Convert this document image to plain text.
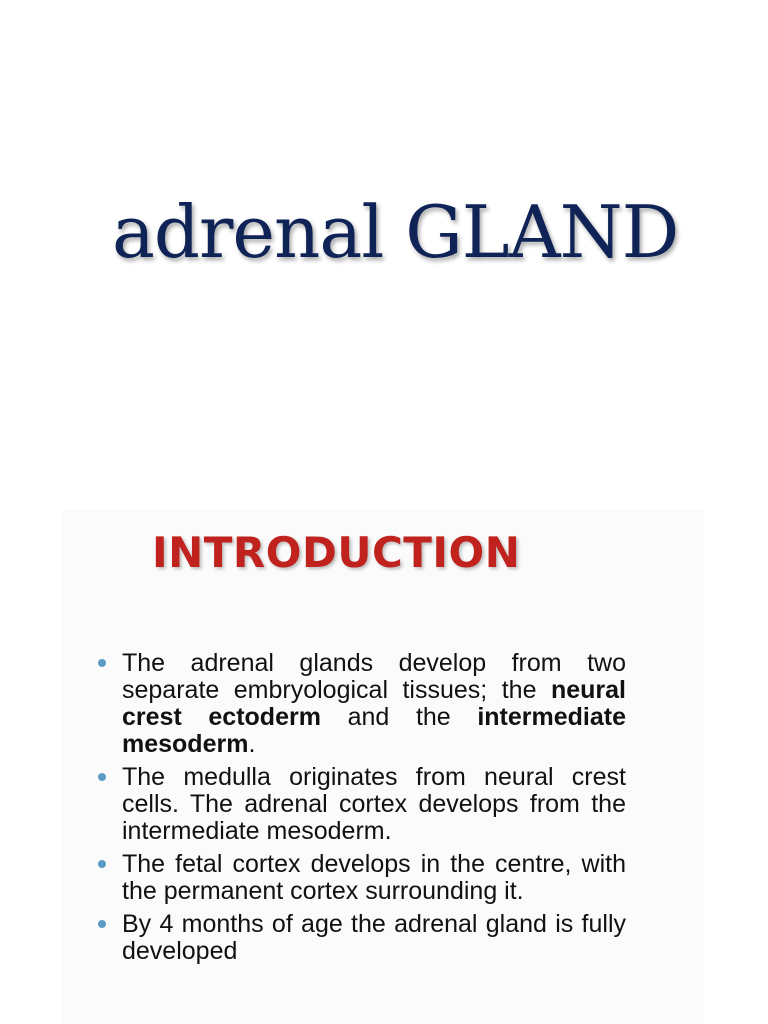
adrenal GLAND
INTRODUCTION
The adrenal glands develop from two separate embryological tissues; the neural crest ectoderm and the intermediate mesoderm.
The medulla originates from neural crest cells. The adrenal cortex develops from the intermediate mesoderm.
The fetal cortex develops in the centre, with the permanent cortex surrounding it.
By 4 months of age the adrenal gland is fully developed
